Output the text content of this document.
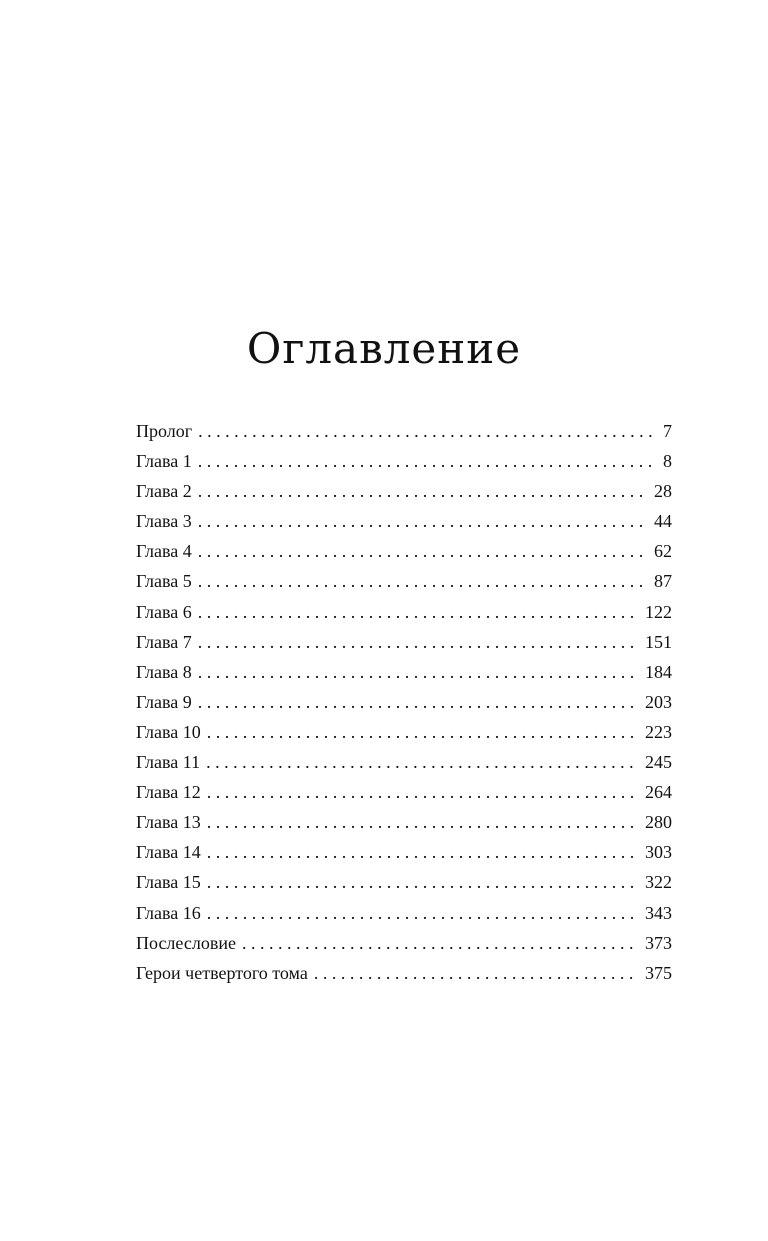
Оглавление
Пролог . . .	7
Глава 1 . . .	8
Глава 2 . . .	28
Глава 3 . . .	44
Глава 4 . . .	62
Глава 5 . . .	87
Глава 6 . . .	122
Глава 7 . . .	151
Глава 8 . . .	184
Глава 9 . . .	203
Глава 10 . . .	223
Глава 11 . . .	245
Глава 12 . . .	264
Глава 13 . . .	280
Глава 14 . . .	303
Глава 15 . . .	322
Глава 16 . . .	343
Послесловие . . .	373
Герои четвертого тома . . .	375
